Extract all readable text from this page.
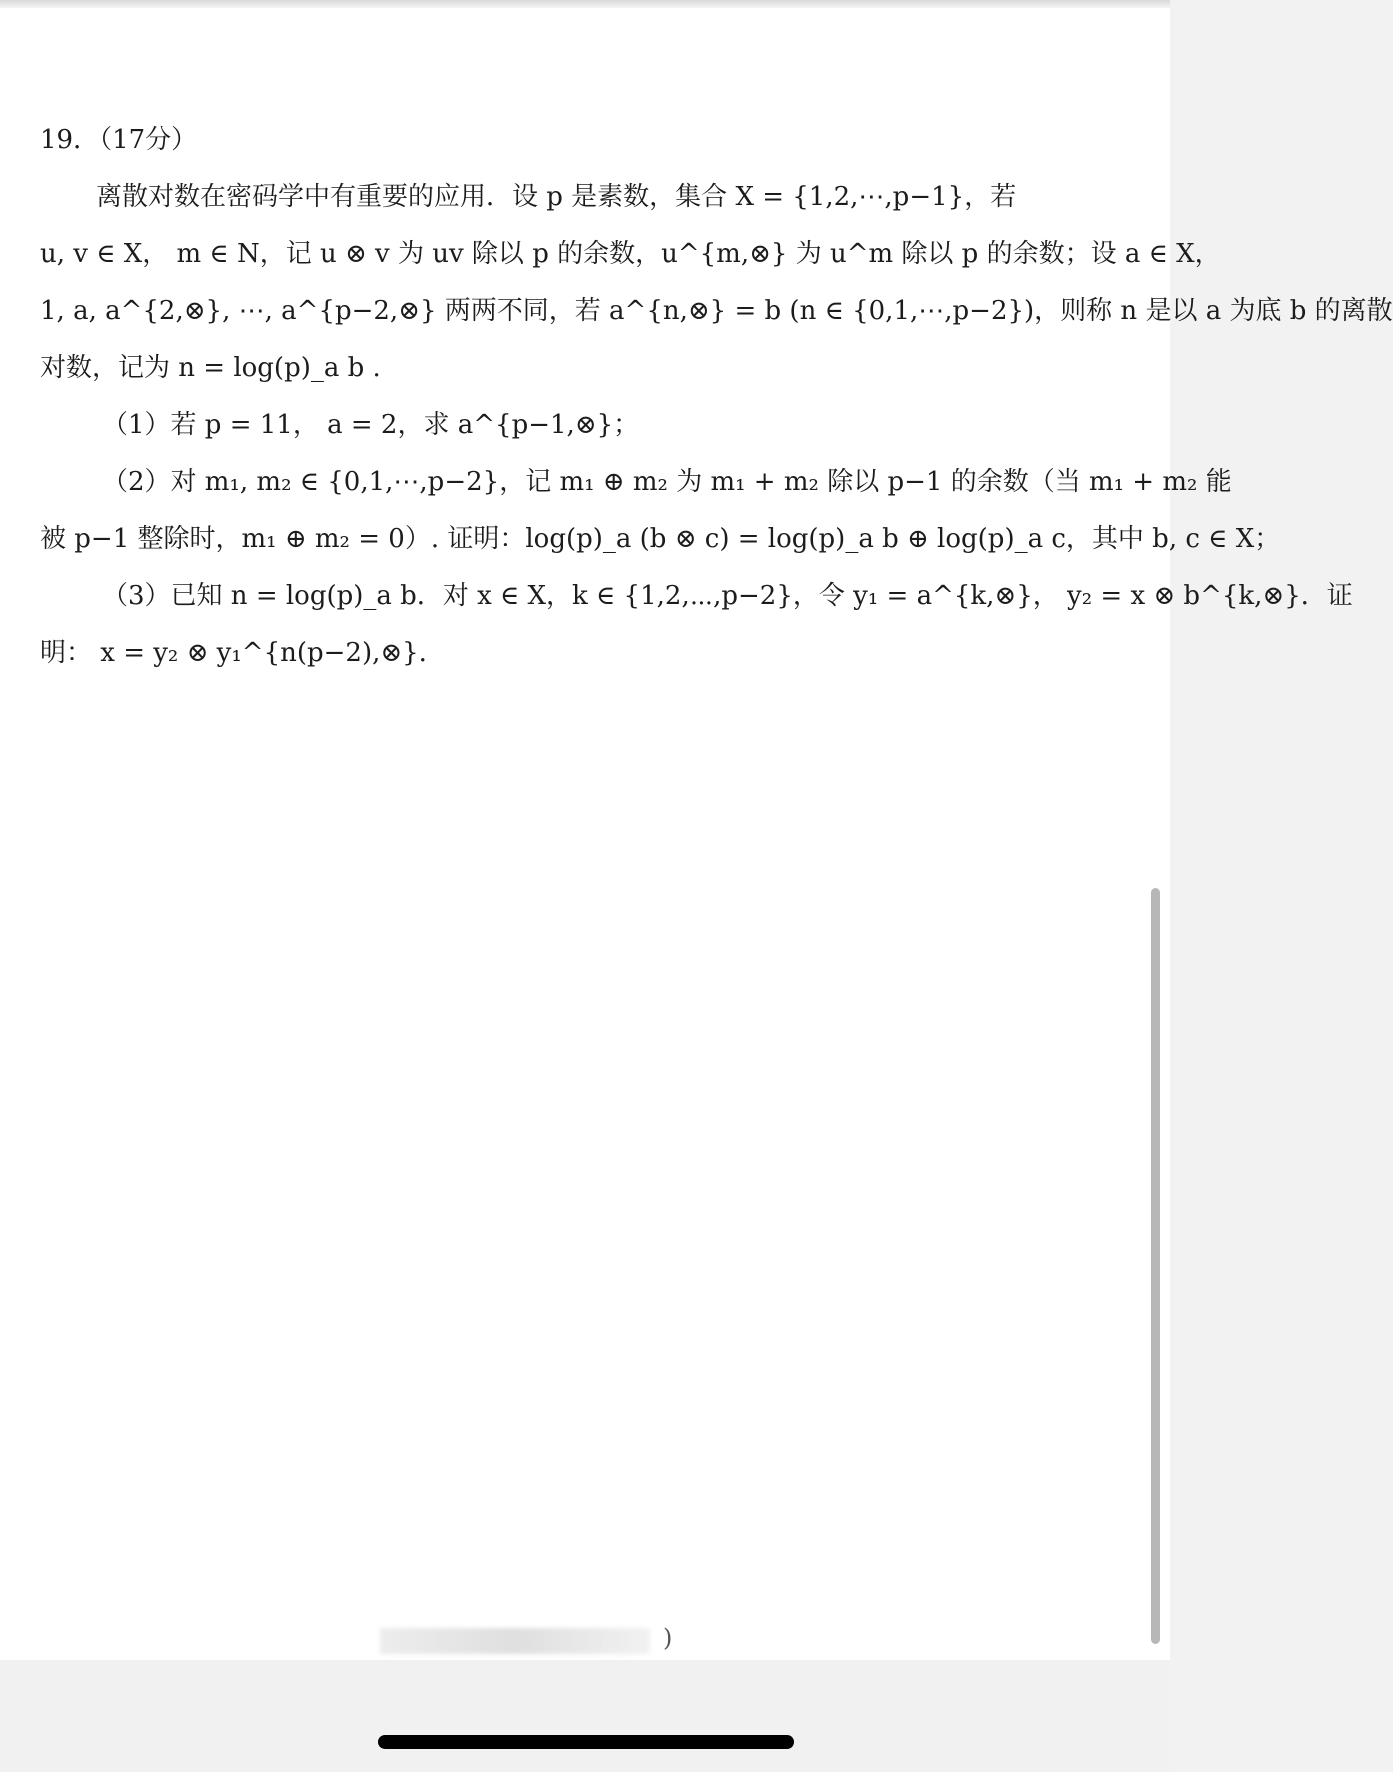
19．（17分）
离散对数在密码学中有重要的应用．设 p 是素数，集合 X = {1,2,⋯,p−1}，若
u, v ∈ X， m ∈ N，记 u ⊗ v 为 uv 除以 p 的余数，u^{m,⊗} 为 u^m 除以 p 的余数；设 a ∈ X，
1, a, a^{2,⊗}, ⋯, a^{p−2,⊗} 两两不同，若 a^{n,⊗} = b (n ∈ {0,1,⋯,p−2})，则称 n 是以 a 为底 b 的离散
对数，记为 n = log(p)_a b .
（1）若 p = 11， a = 2，求 a^{p−1,⊗}；
（2）对 m₁, m₂ ∈ {0,1,⋯,p−2}，记 m₁ ⊕ m₂ 为 m₁ + m₂ 除以 p−1 的余数（当 m₁ + m₂ 能
被 p−1 整除时，m₁ ⊕ m₂ = 0）. 证明：log(p)_a (b ⊗ c) = log(p)_a b ⊕ log(p)_a c，其中 b, c ∈ X；
（3）已知 n = log(p)_a b．对 x ∈ X，k ∈ {1,2,⋯,p−2}，令 y₁ = a^{k,⊗}， y₂ = x ⊗ b^{k,⊗}．证
明： x = y₂ ⊗ y₁^{n(p−2),⊗}．
)
